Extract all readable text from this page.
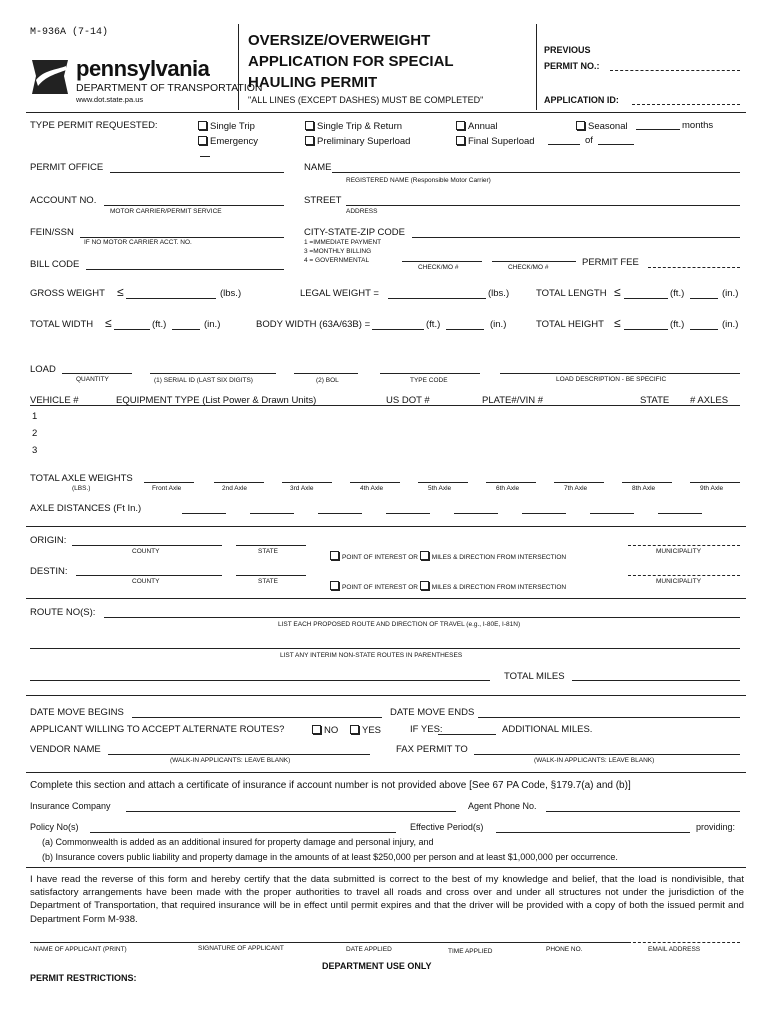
M-936A (7-14)
pennsylvania
DEPARTMENT OF TRANSPORTATION
www.dot.state.pa.us
OVERSIZE/OVERWEIGHT
APPLICATION FOR SPECIAL
HAULING PERMIT
"ALL LINES (EXCEPT DASHES) MUST BE COMPLETED"
PREVIOUS
PERMIT NO.:
APPLICATION ID:
TYPE PERMIT REQUESTED:	Single Trip
Emergency
Single Trip & Return
Preliminary Superload
Annual
Final Superload
Seasonal	months
of
PERMIT OFFICE	NAME
REGISTERED NAME (Responsible Motor Carrier)
ACCOUNT NO.
MOTOR CARRIER/PERMIT SERVICE
STREET
ADDRESS
FEIN/SSN
IF NO MOTOR CARRIER ACCT. NO.
CITY-STATE-ZIP CODE
1 =IMMEDIATE PAYMENT
3 =MONTHLY BILLING
4 = GOVERNMENTAL
BILL CODE	CHECK/MO #	CHECK/MO #	PERMIT FEE
GROSS WEIGHT ≤	(lbs.)	LEGAL WEIGHT =	(lbs.)	TOTAL LENGTH ≤	(ft.)	(in.)
TOTAL WIDTH ≤	(ft.)	(in.)	BODY WIDTH (63A/63B) =	(ft.)	(in.)	TOTAL HEIGHT ≤	(ft.)	(in.)
LOAD
QUANTITY	(1) SERIAL ID (LAST SIX DIGITS)	(2) BOL	TYPE CODE	LOAD DESCRIPTION - BE SPECIFIC
VEHICLE #	EQUIPMENT TYPE (List Power & Drawn Units)	US DOT #	PLATE#/VIN #	STATE # AXLES
1
2
3
TOTAL AXLE WEIGHTS
(LBS.)	Front Axle	2nd Axle	3rd Axle	4th Axle	5th Axle	6th Axle	7th Axle	8th Axle	9th Axle
AXLE DISTANCES (Ft In.)
ORIGIN:
COUNTY	STATE
POINT OF INTEREST OR MILES & DIRECTION FROM INTERSECTION
MUNICIPALITY
DESTIN:
COUNTY	STATE
POINT OF INTEREST OR MILES & DIRECTION FROM INTERSECTION
MUNICIPALITY
ROUTE NO(S):
LIST EACH PROPOSED ROUTE AND DIRECTION OF TRAVEL (e.g., I-80E, I-81N)
LIST ANY INTERIM NON-STATE ROUTES IN PARENTHESES
TOTAL MILES
DATE MOVE BEGINS	DATE MOVE ENDS
APPLICANT WILLING TO ACCEPT ALTERNATE ROUTES?	NO	YES	IF YES:	ADDITIONAL MILES.
VENDOR NAME
(WALK-IN APPLICANTS: LEAVE BLANK)
FAX PERMIT TO
(WALK-IN APPLICANTS: LEAVE BLANK)
Complete this section and attach a certificate of insurance if account number is not provided above [See 67 PA Code, §179.7(a) and (b)]
Insurance Company	Agent Phone No.
Policy No(s)	Effective Period(s)	providing:
(a) Commonwealth is added as an additional insured for property damage and personal injury, and
(b) Insurance covers public liability and property damage in the amounts of at least $250,000 per person and at least $1,000,000 per occurrence.
I have read the reverse of this form and hereby certify that the data submitted is correct to the best of my knowledge and belief, that the load is nondivisible, that satisfactory arrangements have been made with the proper authorities to travel all roads and cross over and under all structures not under the jurisdiction of the Department of Transportation, that required insurance will be in effect until permit expires and that the driver will be provided with a copy of both the issued permit and Department Form M-938.
NAME OF APPLICANT (PRINT)	SIGNATURE OF APPLICANT	DATE APPLIED	TIME APPLIED	PHONE NO.	EMAIL ADDRESS
DEPARTMENT USE ONLY
PERMIT RESTRICTIONS:
